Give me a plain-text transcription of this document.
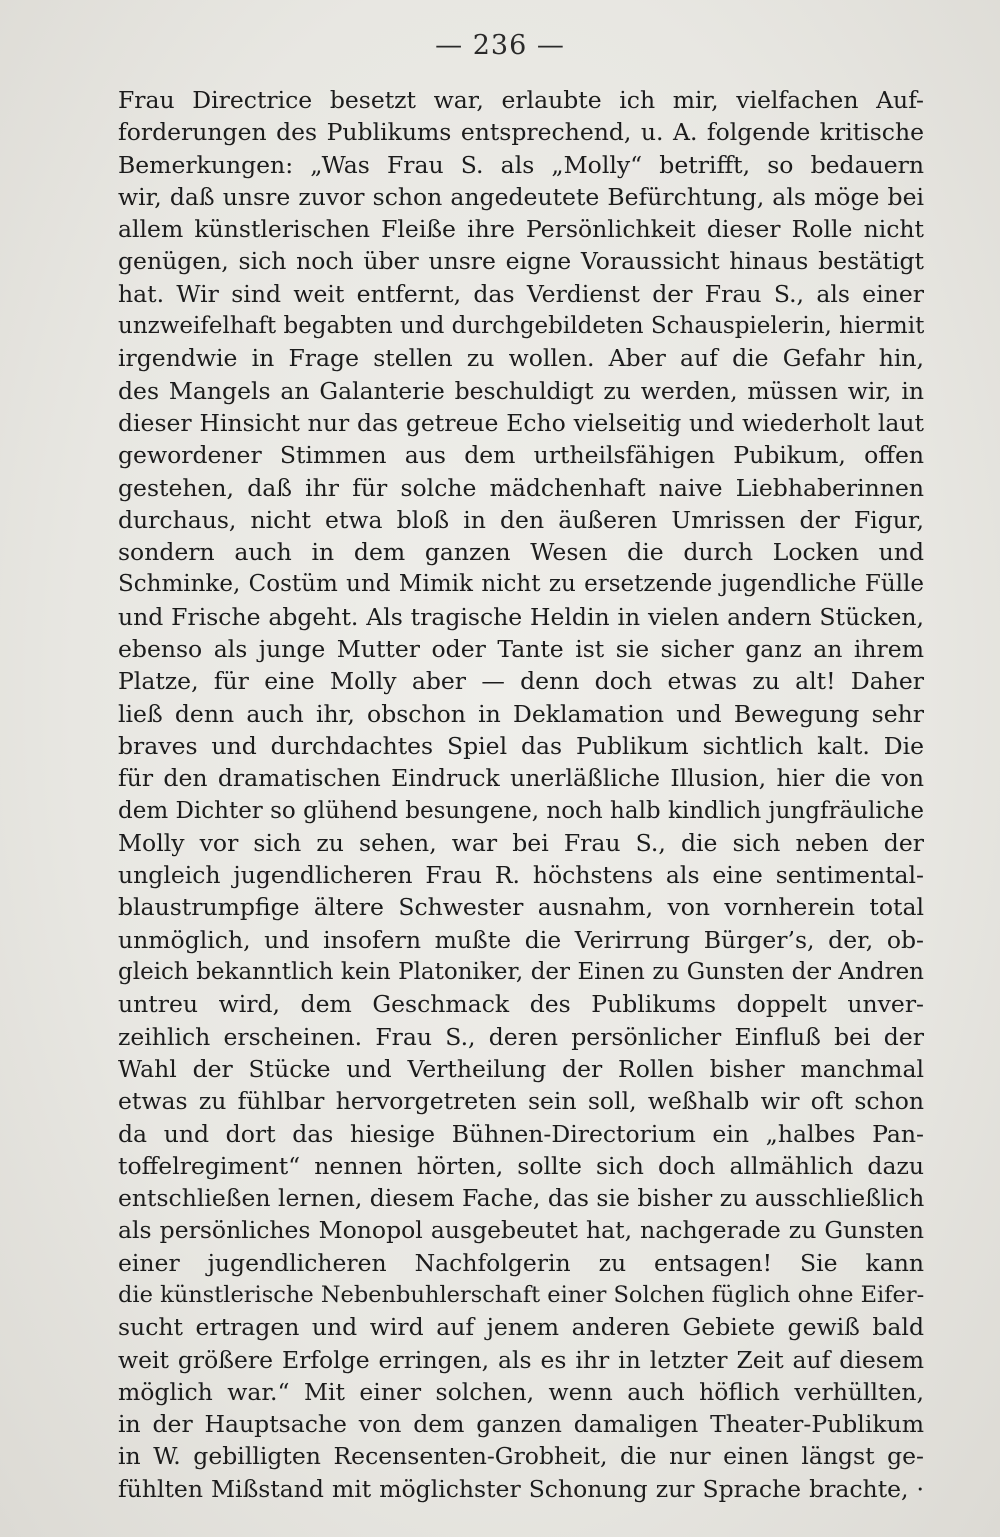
— 236 —
Frau Directrice besetzt war, erlaubte ich mir, vielfachen Auf-
forderungen des Publikums entsprechend, u. A. folgende kritische
Bemerkungen: „Was Frau S. als „Molly“ betrifft, so bedauern
wir, daß unsre zuvor schon angedeutete Befürchtung, als möge bei
allem künstlerischen Fleiße ihre Persönlichkeit dieser Rolle nicht
genügen, sich noch über unsre eigne Voraussicht hinaus bestätigt
hat. Wir sind weit entfernt, das Verdienst der Frau S., als einer
unzweifelhaft begabten und durchgebildeten Schauspielerin, hiermit
irgendwie in Frage stellen zu wollen. Aber auf die Gefahr hin,
des Mangels an Galanterie beschuldigt zu werden, müssen wir, in
dieser Hinsicht nur das getreue Echo vielseitig und wiederholt laut
gewordener Stimmen aus dem urtheilsfähigen Pubikum, offen
gestehen, daß ihr für solche mädchenhaft naive Liebhaberinnen
durchaus, nicht etwa bloß in den äußeren Umrissen der Figur,
sondern auch in dem ganzen Wesen die durch Locken und
Schminke, Costüm und Mimik nicht zu ersetzende jugendliche Fülle
und Frische abgeht. Als tragische Heldin in vielen andern Stücken,
ebenso als junge Mutter oder Tante ist sie sicher ganz an ihrem
Platze, für eine Molly aber — denn doch etwas zu alt! Daher
ließ denn auch ihr, obschon in Deklamation und Bewegung sehr
braves und durchdachtes Spiel das Publikum sichtlich kalt. Die
für den dramatischen Eindruck unerläßliche Illusion, hier die von
dem Dichter so glühend besungene, noch halb kindlich jungfräuliche
Molly vor sich zu sehen, war bei Frau S., die sich neben der
ungleich jugendlicheren Frau R. höchstens als eine sentimental-
blaustrumpfige ältere Schwester ausnahm, von vornherein total
unmöglich, und insofern mußte die Verirrung Bürger’s, der, ob-
gleich bekanntlich kein Platoniker, der Einen zu Gunsten der Andren
untreu wird, dem Geschmack des Publikums doppelt unver-
zeihlich erscheinen. Frau S., deren persönlicher Einfluß bei der
Wahl der Stücke und Vertheilung der Rollen bisher manchmal
etwas zu fühlbar hervorgetreten sein soll, weßhalb wir oft schon
da und dort das hiesige Bühnen-Directorium ein „halbes Pan-
toffelregiment“ nennen hörten, sollte sich doch allmählich dazu
entschließen lernen, diesem Fache, das sie bisher zu ausschließlich
als persönliches Monopol ausgebeutet hat, nachgerade zu Gunsten
einer jugendlicheren Nachfolgerin zu entsagen! Sie kann
die künstlerische Nebenbuhlerschaft einer Solchen füglich ohne Eifer-
sucht ertragen und wird auf jenem anderen Gebiete gewiß bald
weit größere Erfolge erringen, als es ihr in letzter Zeit auf diesem
möglich war.“ Mit einer solchen, wenn auch höflich verhüllten,
in der Hauptsache von dem ganzen damaligen Theater-Publikum
in W. gebilligten Recensenten-Grobheit, die nur einen längst ge-
fühlten Mißstand mit möglichster Schonung zur Sprache brachte, ·
